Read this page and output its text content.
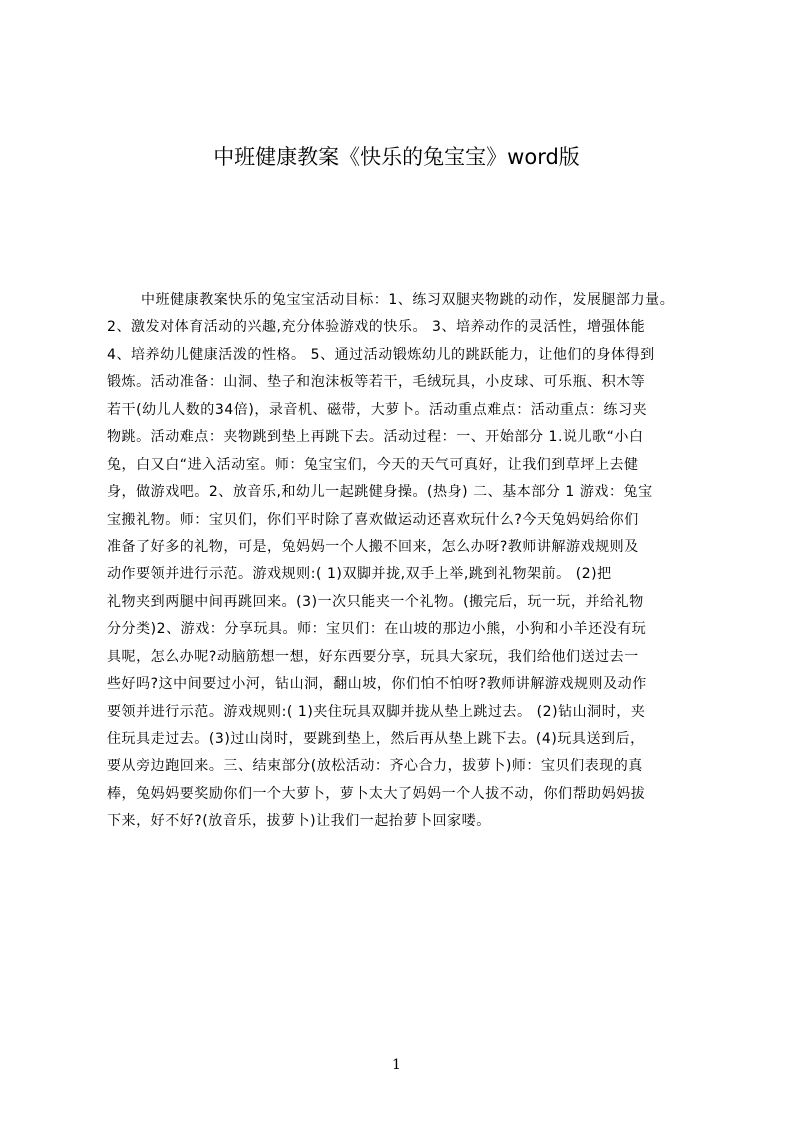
中班健康教案《快乐的兔宝宝》word版
中班健康教案快乐的兔宝宝活动目标：1、练习双腿夹物跳的动作，发展腿部力量。
2、激发对体育活动的兴趣,充分体验游戏的快乐。 3、培养动作的灵活性，增强体能
4、培养幼儿健康活泼的性格。 5、通过活动锻炼幼儿的跳跃能力，让他们的身体得到
锻炼。活动准备：山洞、垫子和泡沫板等若干，毛绒玩具，小皮球、可乐瓶、积木等
若干(幼儿人数的34倍)，录音机、磁带，大萝卜。活动重点难点：活动重点：练习夹
物跳。活动难点：夹物跳到垫上再跳下去。活动过程：一、开始部分 1.说儿歌“小白
兔，白又白“进入活动室。师：兔宝宝们，今天的天气可真好，让我们到草坪上去健
身，做游戏吧。2、放音乐,和幼儿一起跳健身操。(热身) 二、基本部分 1 游戏：兔宝
宝搬礼物。师：宝贝们，你们平时除了喜欢做运动还喜欢玩什么?今天兔妈妈给你们
准备了好多的礼物，可是，兔妈妈一个人搬不回来，怎么办呀?教师讲解游戏规则及
动作要领并进行示范。游戏规则:( 1)双脚并拢,双手上举,跳到礼物架前。 (2)把
礼物夹到两腿中间再跳回来。(3)一次只能夹一个礼物。(搬完后，玩一玩，并给礼物
分分类)2、游戏：分享玩具。师：宝贝们：在山坡的那边小熊，小狗和小羊还没有玩
具呢，怎么办呢?动脑筋想一想，好东西要分享，玩具大家玩，我们给他们送过去一
些好吗?这中间要过小河，钻山洞，翻山坡，你们怕不怕呀?教师讲解游戏规则及动作
要领并进行示范。游戏规则:( 1)夹住玩具双脚并拢从垫上跳过去。 (2)钻山洞时，夹
住玩具走过去。(3)过山岗时，要跳到垫上，然后再从垫上跳下去。(4)玩具送到后，
要从旁边跑回来。三、结束部分(放松活动：齐心合力，拔萝卜)师：宝贝们表现的真
棒，兔妈妈要奖励你们一个大萝卜，萝卜太大了妈妈一个人拔不动，你们帮助妈妈拔
下来，好不好?(放音乐，拔萝卜)让我们一起抬萝卜回家喽。
1
